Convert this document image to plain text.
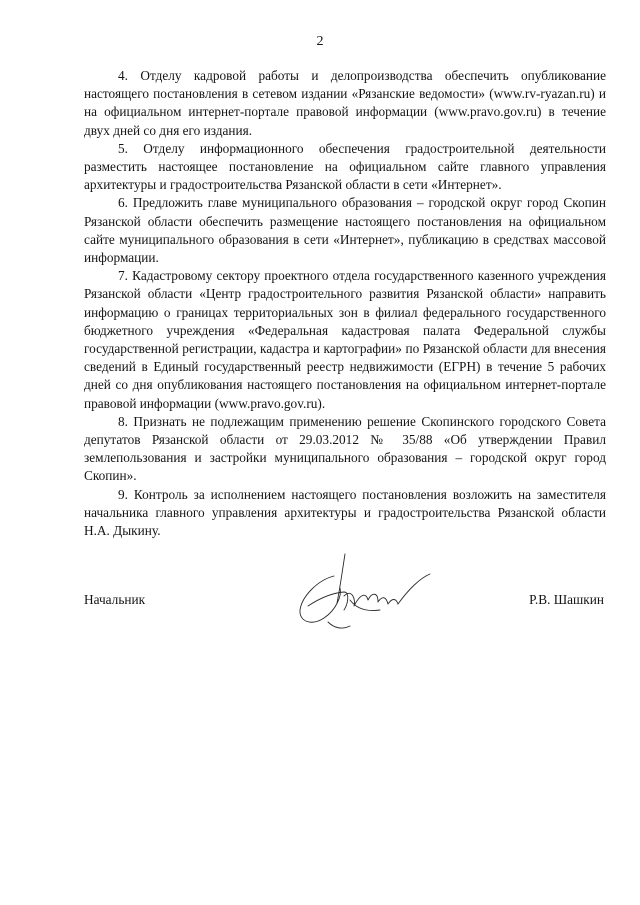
2

4. Отделу кадровой работы и делопроизводства обеспечить опубликование настоящего постановления в сетевом издании «Рязанские ведомости» (www.rv-ryazan.ru) и на официальном интернет-портале правовой информации (www.pravo.gov.ru) в течение двух дней со дня его издания.

5. Отделу информационного обеспечения градостроительной деятельности разместить настоящее постановление на официальном сайте главного управления архитектуры и градостроительства Рязанской области в сети «Интернет».

6. Предложить главе муниципального образования – городской округ город Скопин Рязанской области обеспечить размещение настоящего постановления на официальном сайте муниципального образования в сети «Интернет», публикацию в средствах массовой информации.

7. Кадастровому сектору проектного отдела государственного казенного учреждения Рязанской области «Центр градостроительного развития Рязанской области» направить информацию о границах территориальных зон в филиал федерального государственного бюджетного учреждения «Федеральная кадастровая палата Федеральной службы государственной регистрации, кадастра и картографии» по Рязанской области для внесения сведений в Единый государственный реестр недвижимости (ЕГРН) в течение 5 рабочих дней со дня опубликования настоящего постановления на официальном интернет-портале правовой информации (www.pravo.gov.ru).

8. Признать не подлежащим применению решение Скопинского городского Совета депутатов Рязанской области от 29.03.2012 № 35/88 «Об утверждении Правил землепользования и застройки муниципального образования – городской округ город Скопин».

9. Контроль за исполнением настоящего постановления возложить на заместителя начальника главного управления архитектуры и градостроительства Рязанской области Н.А. Дыкину.

Начальник	Р.В. Шашкин
